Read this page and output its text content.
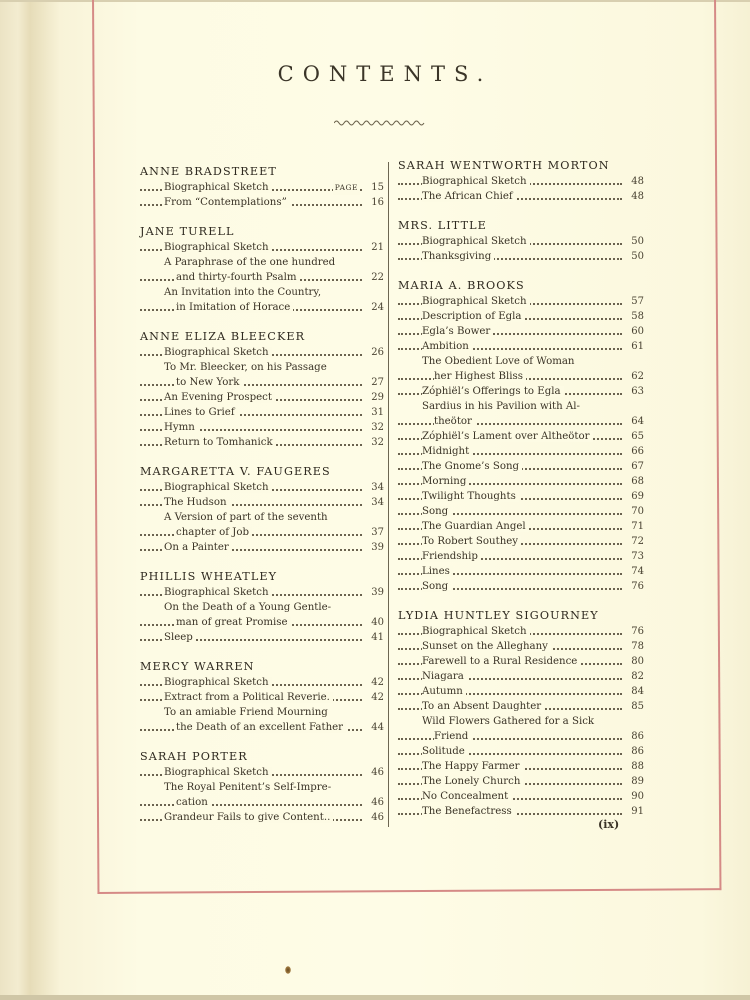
CONTENTS.
ANNE BRADSTREET
Biographical Sketch	PAGE	15
From “Contemplations”	16
JANE TURELL
Biographical Sketch	21
A Paraphrase of the one hundred
and thirty-fourth Psalm	22
An Invitation into the Country,
in Imitation of Horace	24
ANNE ELIZA BLEECKER
Biographical Sketch	26
To Mr. Bleecker, on his Passage
to New York	27
An Evening Prospect	29
Lines to Grief	31
Hymn	32
Return to Tomhanick	32
MARGARETTA V. FAUGERES
Biographical Sketch	34
The Hudson	34
A Version of part of the seventh
chapter of Job	37
On a Painter	39
PHILLIS WHEATLEY
Biographical Sketch	39
On the Death of a Young Gentle-
man of great Promise	40
Sleep	41
MERCY WARREN
Biographical Sketch	42
Extract from a Political Reverie.	42
To an amiable Friend Mourning
the Death of an excellent Father	44
SARAH PORTER
Biographical Sketch	46
The Royal Penitent’s Self-Impre-
cation	46
Grandeur Fails to give Content..	46
SARAH WENTWORTH MORTON
Biographical Sketch	48
The African Chief	48
MRS. LITTLE
Biographical Sketch	50
Thanksgiving	50
MARIA A. BROOKS
Biographical Sketch	57
Description of Egla	58
Egla’s Bower	60
Ambition	61
The Obedient Love of Woman
her Highest Bliss	62
Zóphiël’s Offerings to Egla	63
Sardius in his Pavilion with Al-
theötor	64
Zóphiël’s Lament over Altheötor	65
Midnight	66
The Gnome’s Song	67
Morning	68
Twilight Thoughts	69
Song	70
The Guardian Angel	71
To Robert Southey	72
Friendship	73
Lines	74
Song	76
LYDIA HUNTLEY SIGOURNEY
Biographical Sketch	76
Sunset on the Alleghany	78
Farewell to a Rural Residence	80
Niagara	82
Autumn	84
To an Absent Daughter	85
Wild Flowers Gathered for a Sick
Friend	86
Solitude	86
The Happy Farmer	88
The Lonely Church	89
No Concealment	90
The Benefactress	91
(ix)
